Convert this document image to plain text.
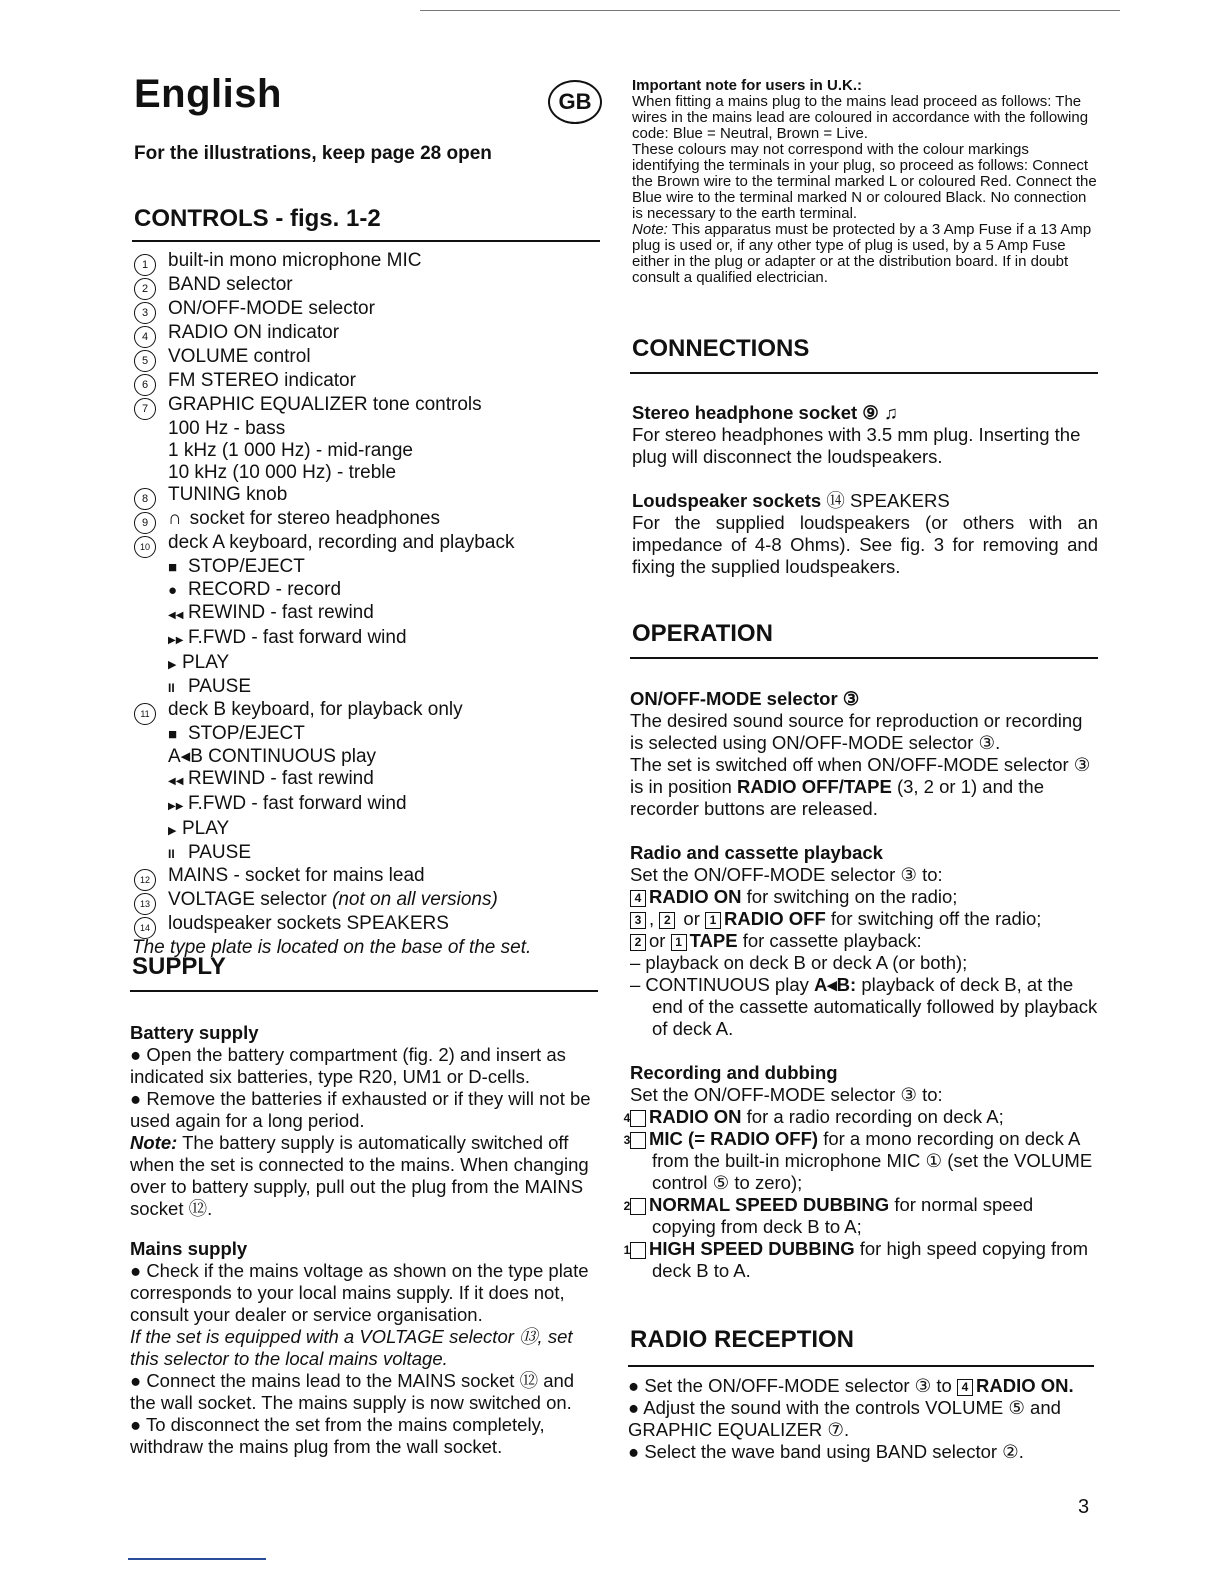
English	GB
For the illustrations, keep page 28 open
CONTROLS - figs. 1-2
1	built-in mono microphone MIC
2	BAND selector
3	ON/OFF-MODE selector
4	RADIO ON indicator
5	VOLUME control
6	FM STEREO indicator
7	GRAPHIC EQUALIZER tone controls
100 Hz - bass
1 kHz (1 000 Hz) - mid-range
10 kHz (10 000 Hz) - treble
8	TUNING knob
9	∩ socket for stereo headphones
10 deck A keyboard, recording and playback
■ STOP/EJECT
● RECORD - record
◀◀ REWIND - fast rewind
▶▶ F.FWD - fast forward wind
▶ PLAY
II PAUSE
11 deck B keyboard, for playback only
■ STOP/EJECT
A◂B CONTINUOUS play
◀◀ REWIND - fast rewind
▶▶ F.FWD - fast forward wind
▶ PLAY
II PAUSE
12 MAINS - socket for mains lead
13 VOLTAGE selector
(not on all versions)
14 loudspeaker sockets SPEAKERS
The type plate is located on the base of the set.
SUPPLY
Battery supply
● Open the battery compartment (fig. 2) and insert as indicated six batteries, type R20, UM1 or D-cells.
● Remove the batteries if exhausted or if they will not be used again for a long period.
Note: The battery supply is automatically switched off when the set is connected to the mains. When changing over to battery supply, pull out the plug from the MAINS socket ⑫.
Mains supply
● Check if the mains voltage as shown on the type plate corresponds to your local mains supply. If it does not, consult your dealer or service organisation.
If the set is equipped with a VOLTAGE selector ⑬, set this selector to the local mains voltage.
● Connect the mains lead to the MAINS socket ⑫ and the wall socket. The mains supply is now switched on.
● To disconnect the set from the mains completely, withdraw the mains plug from the wall socket.
Important note for users in U.K.:
When fitting a mains plug to the mains lead proceed as follows: The wires in the mains lead are coloured in accordance with the following code: Blue = Neutral, Brown = Live.
These colours may not correspond with the colour markings identifying the terminals in your plug, so proceed as follows: Connect the Brown wire to the terminal marked L or coloured Red. Connect the Blue wire to the terminal marked N or coloured Black. No connection is necessary to the earth terminal.
Note: This apparatus must be protected by a 3 Amp Fuse if a 13 Amp plug is used or, if any other type of plug is used, by a 5 Amp Fuse either in the plug or adapter or at the distribution board. If in doubt consult a qualified electrician.
CONNECTIONS
Stereo headphone socket ⑨ ♫
For stereo headphones with 3.5 mm plug. Inserting the plug will disconnect the loudspeakers.
Loudspeaker sockets ⑭ SPEAKERS
For the supplied loudspeakers (or others with an impedance of 4-8 Ohms). See fig. 3 for removing and fixing the supplied loudspeakers.
OPERATION
ON/OFF-MODE selector ③
The desired sound source for reproduction or recording is selected using ON/OFF-MODE selector ③.
The set is switched off when ON/OFF-MODE selector ③ is in position RADIO OFF/TAPE (3, 2 or 1) and the recorder buttons are released.
Radio and cassette playback
Set the ON/OFF-MODE selector ③ to:
4 RADIO ON for switching on the radio;
3 , 2 or 1 RADIO OFF for switching off the radio;
2 or 1 TAPE for cassette playback:
– playback on deck B or deck A (or both);
– CONTINUOUS play A◂B: playback of deck B, at the end of the cassette automatically followed by playback of deck A.
Recording and dubbing
Set the ON/OFF-MODE selector ③ to:
4 RADIO ON for a radio recording on deck A;
3 MIC (= RADIO OFF) for a mono recording on deck A from the built-in microphone MIC ① (set the VOLUME control ⑤ to zero);
2 NORMAL SPEED DUBBING for normal speed copying from deck B to A;
1 HIGH SPEED DUBBING for high speed copying from deck B to A.
RADIO RECEPTION
● Set the ON/OFF-MODE selector ③ to 4 RADIO ON.
● Adjust the sound with the controls VOLUME ⑤ and GRAPHIC EQUALIZER ⑦.
● Select the wave band using BAND selector ②.
3
